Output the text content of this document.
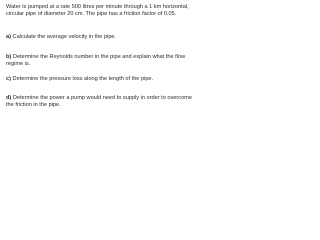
Water is pumped at a rate 500 litres per minute through a 1 km horizontal, circular pipe of diameter 20 cm. The pipe has a friction factor of 0.05.
a) Calculate the average velocity in the pipe.
b) Determine the Reynolds number in the pipe and explain what the flow regime is.
c) Determine the pressure loss along the length of the pipe.
d) Determine the power a pump would need to supply in order to overcome the friction in the pipe.
